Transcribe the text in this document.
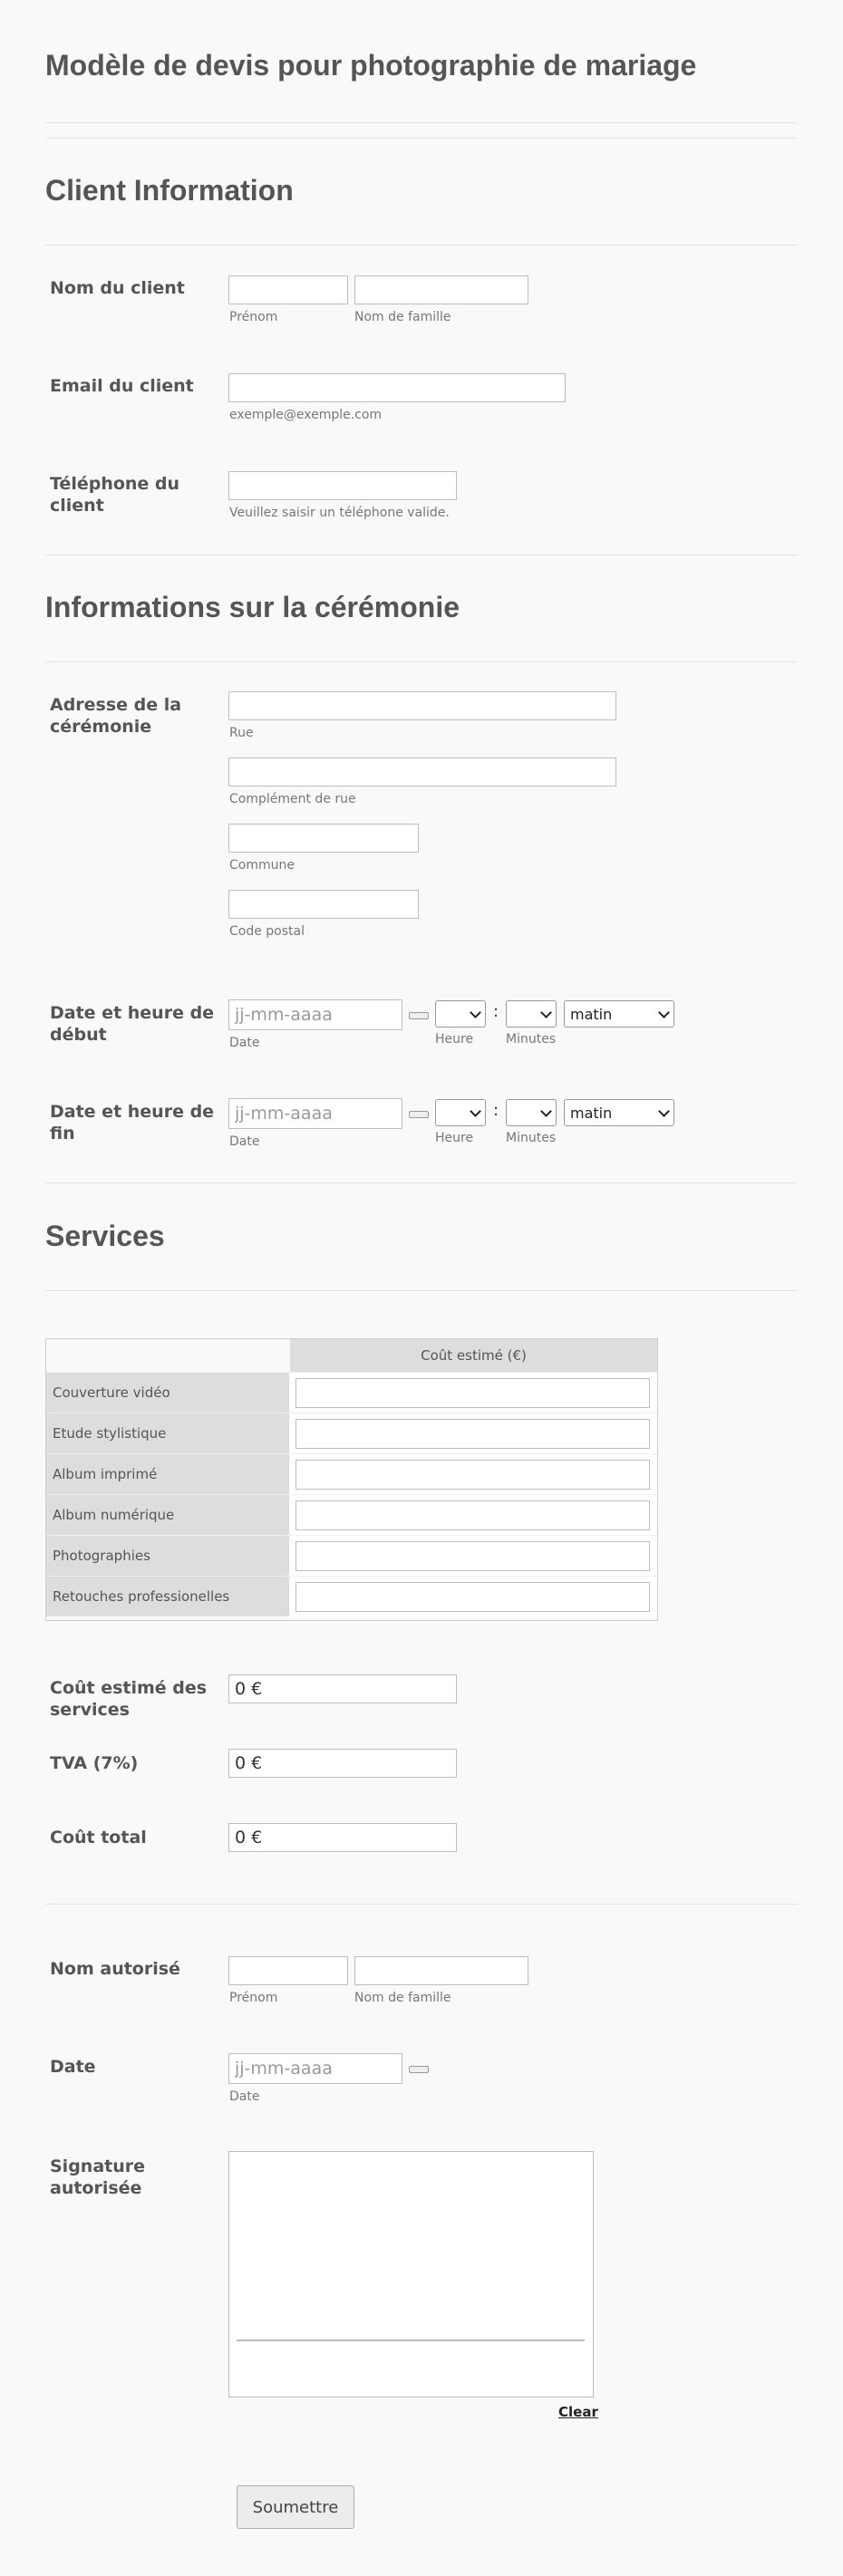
Modèle de devis pour photographie de mariage
Client Information
Nom du client
Prénom	Nom de famille
Email du client
exemple@exemple.com
Téléphone du client	Veuillez saisir un téléphone valide.
Informations sur la cérémonie
Adresse de la cérémonie	Rue
Complément de rue
Commune
Code postal
Date et heure de début
jj-mm-aaaa
:	matin
Date	Heure	Minutes
Date et heure de fin
jj-mm-aaaa
:	matin
Date	Heure	Minutes
Services
Coût estimé (€)
Couverture vidéo
Etude stylistique
Album imprimé
Album numérique
Photographies
Retouches professionelles
Coût estimé des services
0 €
TVA (7%)
0 €
Coût total
0 €
Nom autorisé
Prénom	Nom de famille
Date
jj-mm-aaaa
Date
Signature autorisée
Clear
Soumettre
